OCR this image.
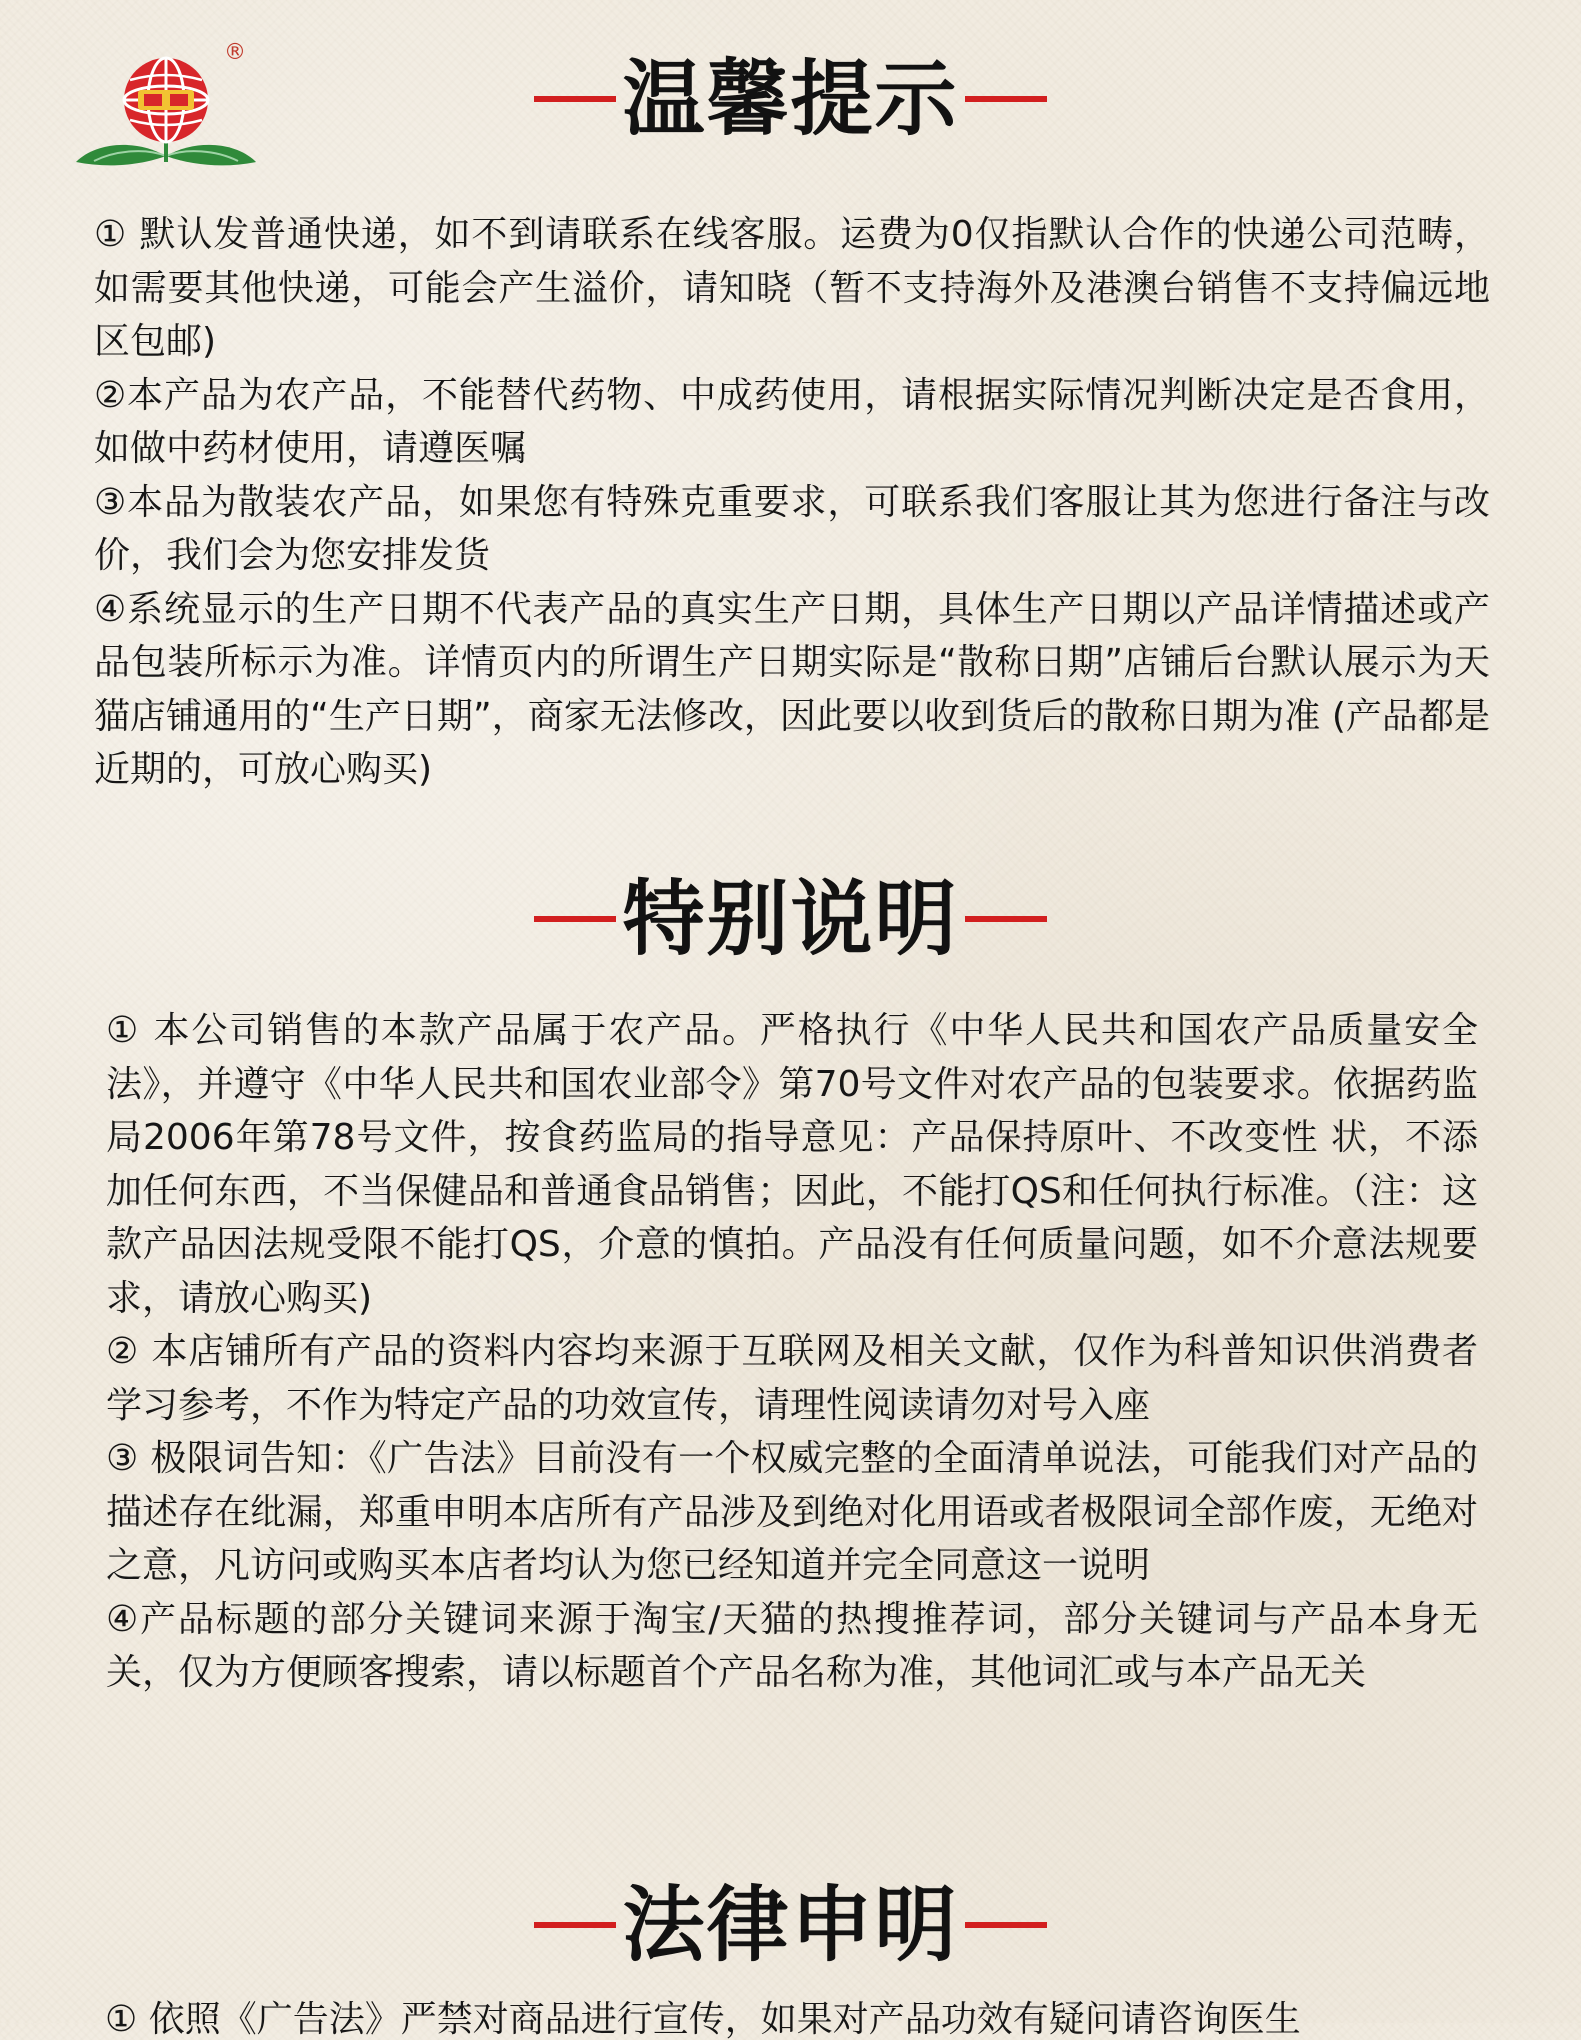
®	温馨提示

① 默认发普通快递，如不到请联系在线客服。运费为0仅指默认合作的快递公司范畴，如需要其他快递，可能会产生溢价，请知晓（暂不支持海外及港澳台销售不支持偏远地区包邮)

②本产品为农产品，不能替代药物、中成药使用，请根据实际情况判断决定是否食用，如做中药材使用，请遵医嘱

③本品为散装农产品，如果您有特殊克重要求，可联系我们客服让其为您进行备注与改价，我们会为您安排发货

④系统显示的生产日期不代表产品的真实生产日期，具体生产日期以产品详情描述或产品包装所标示为准。详情页内的所谓生产日期实际是“散称日期”店铺后台默认展示为天 猫店铺通用的“生产日期”，商家无法修改，因此要以收到货后的散称日期为准 (产品都是近期的，可放心购买)

特别说明

① 本公司销售的本款产品属于农产品。严格执行《中华人民共和国农产品质量安全法》，并遵守《中华人民共和国农业部令》第70号文件对农产品的包装要求。依据药监局2006年第78号文件，按食药监局的指导意见：产品保持原叶、不改变性 状，不添加任何东西，不当保健品和普通食品销售；因此，不能打QS和任何执行标准。（注：这款产品因法规受限不能打QS，介意的慎拍。产品没有任何质量问题，如不介意法规要求，请放心购买)

② 本店铺所有产品的资料内容均来源于互联网及相关文献，仅作为科普知识供消费者学习参考，不作为特定产品的功效宣传，请理性阅读请勿对号入座

③ 极限词告知：《广告法》目前没有一个权威完整的全面清单说法，可能我们对产品的描述存在纰漏，郑重申明本店所有产品涉及到绝对化用语或者极限词全部作废，无绝对之意，凡访问或购买本店者均认为您已经知道并完全同意这一说明

④产品标题的部分关键词来源于淘宝/天猫的热搜推荐词，部分关键词与产品本身无关，仅为方便顾客搜索，请以标题首个产品名称为准，其他词汇或与本产品无关

法律申明
① 依照《广告法》严禁对商品进行宣传，如果对产品功效有疑问请咨询医生
